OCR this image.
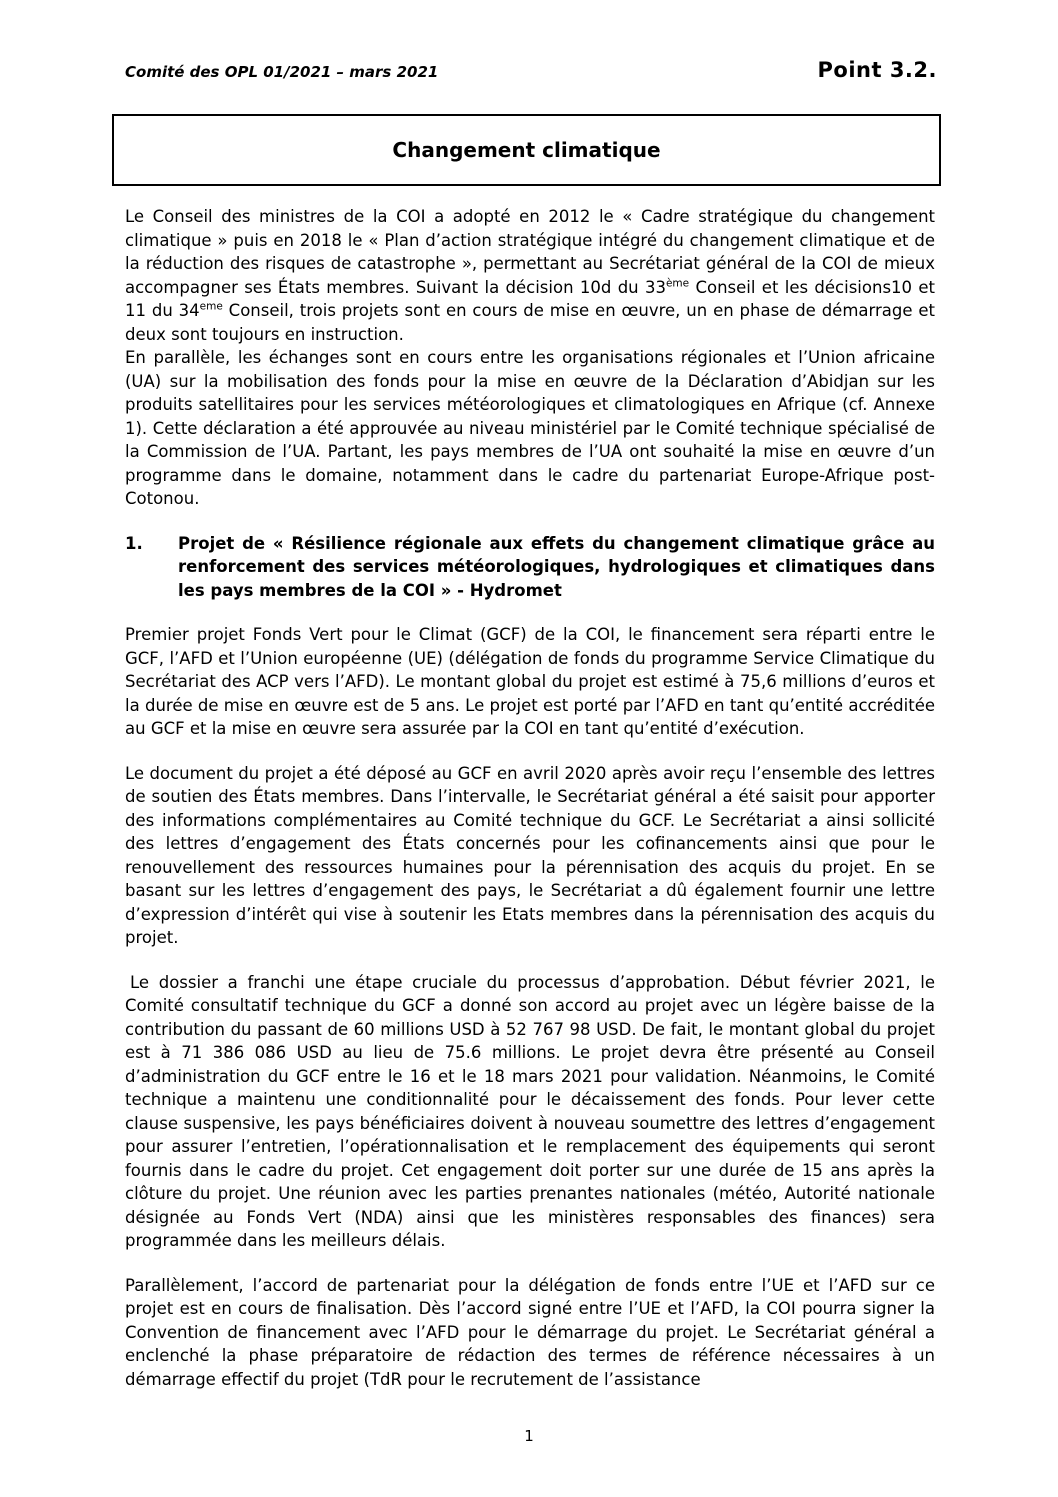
Comité des OPL 01/2021 – mars 2021	Point 3.2.
Changement climatique

Le Conseil des ministres de la COI a adopté en 2012 le « Cadre stratégique du changement climatique » puis en 2018 le « Plan d’action stratégique intégré du changement climatique et de la réduction des risques de catastrophe », permettant au Secrétariat général de la COI de mieux accompagner ses États membres. Suivant la décision 10d du 33ème Conseil et les décisions10 et 11 du 34eme Conseil, trois projets sont en cours de mise en œuvre, un en phase de démarrage et deux sont toujours en instruction.

En parallèle, les échanges sont en cours entre les organisations régionales et l’Union africaine (UA) sur la mobilisation des fonds pour la mise en œuvre de la Déclaration d’Abidjan sur les produits satellitaires pour les services météorologiques et climatologiques en Afrique (cf. Annexe 1). Cette déclaration a été approuvée au niveau ministériel par le Comité technique spécialisé de la Commission de l’UA. Partant, les pays membres de l’UA ont souhaité la mise en œuvre d’un programme dans le domaine, notamment dans le cadre du partenariat Europe-Afrique post-Cotonou.

1. Projet de « Résilience régionale aux effets du changement climatique grâce au renforcement des services météorologiques, hydrologiques et climatiques dans les pays membres de la COI » - Hydromet

Premier projet Fonds Vert pour le Climat (GCF) de la COI, le financement sera réparti entre le GCF, l’AFD et l’Union européenne (UE) (délégation de fonds du programme Service Climatique du Secrétariat des ACP vers l’AFD). Le montant global du projet est estimé à 75,6 millions d’euros et la durée de mise en œuvre est de 5 ans. Le projet est porté par l’AFD en tant qu’entité accréditée au GCF et la mise en œuvre sera assurée par la COI en tant qu’entité d’exécution.

Le document du projet a été déposé au GCF en avril 2020 après avoir reçu l’ensemble des lettres de soutien des États membres. Dans l’intervalle, le Secrétariat général a été saisit pour apporter des informations complémentaires au Comité technique du GCF. Le Secrétariat a ainsi sollicité des lettres d’engagement des États concernés pour les cofinancements ainsi que pour le renouvellement des ressources humaines pour la pérennisation des acquis du projet. En se basant sur les lettres d’engagement des pays, le Secrétariat a dû également fournir une lettre d’expression d’intérêt qui vise à soutenir les Etats membres dans la pérennisation des acquis du projet.

Le dossier a franchi une étape cruciale du processus d’approbation. Début février 2021, le Comité consultatif technique du GCF a donné son accord au projet avec un légère baisse de la contribution du passant de 60 millions USD à 52 767 98 USD. De fait, le montant global du projet est à 71 386 086 USD au lieu de 75.6 millions. Le projet devra être présenté au Conseil d’administration du GCF entre le 16 et le 18 mars 2021 pour validation. Néanmoins, le Comité technique a maintenu une conditionnalité pour le décaissement des fonds. Pour lever cette clause suspensive, les pays bénéficiaires doivent à nouveau soumettre des lettres d’engagement pour assurer l’entretien, l’opérationnalisation et le remplacement des équipements qui seront fournis dans le cadre du projet. Cet engagement doit porter sur une durée de 15 ans après la clôture du projet. Une réunion avec les parties prenantes nationales (météo, Autorité nationale désignée au Fonds Vert (NDA) ainsi que les ministères responsables des finances) sera programmée dans les meilleurs délais.

Parallèlement, l’accord de partenariat pour la délégation de fonds entre l’UE et l’AFD sur ce projet est en cours de finalisation. Dès l’accord signé entre l’UE et l’AFD, la COI pourra signer la Convention de financement avec l’AFD pour le démarrage du projet. Le Secrétariat général a enclenché la phase préparatoire de rédaction des termes de référence nécessaires à un démarrage effectif du projet (TdR pour le recrutement de l’assistance

1
